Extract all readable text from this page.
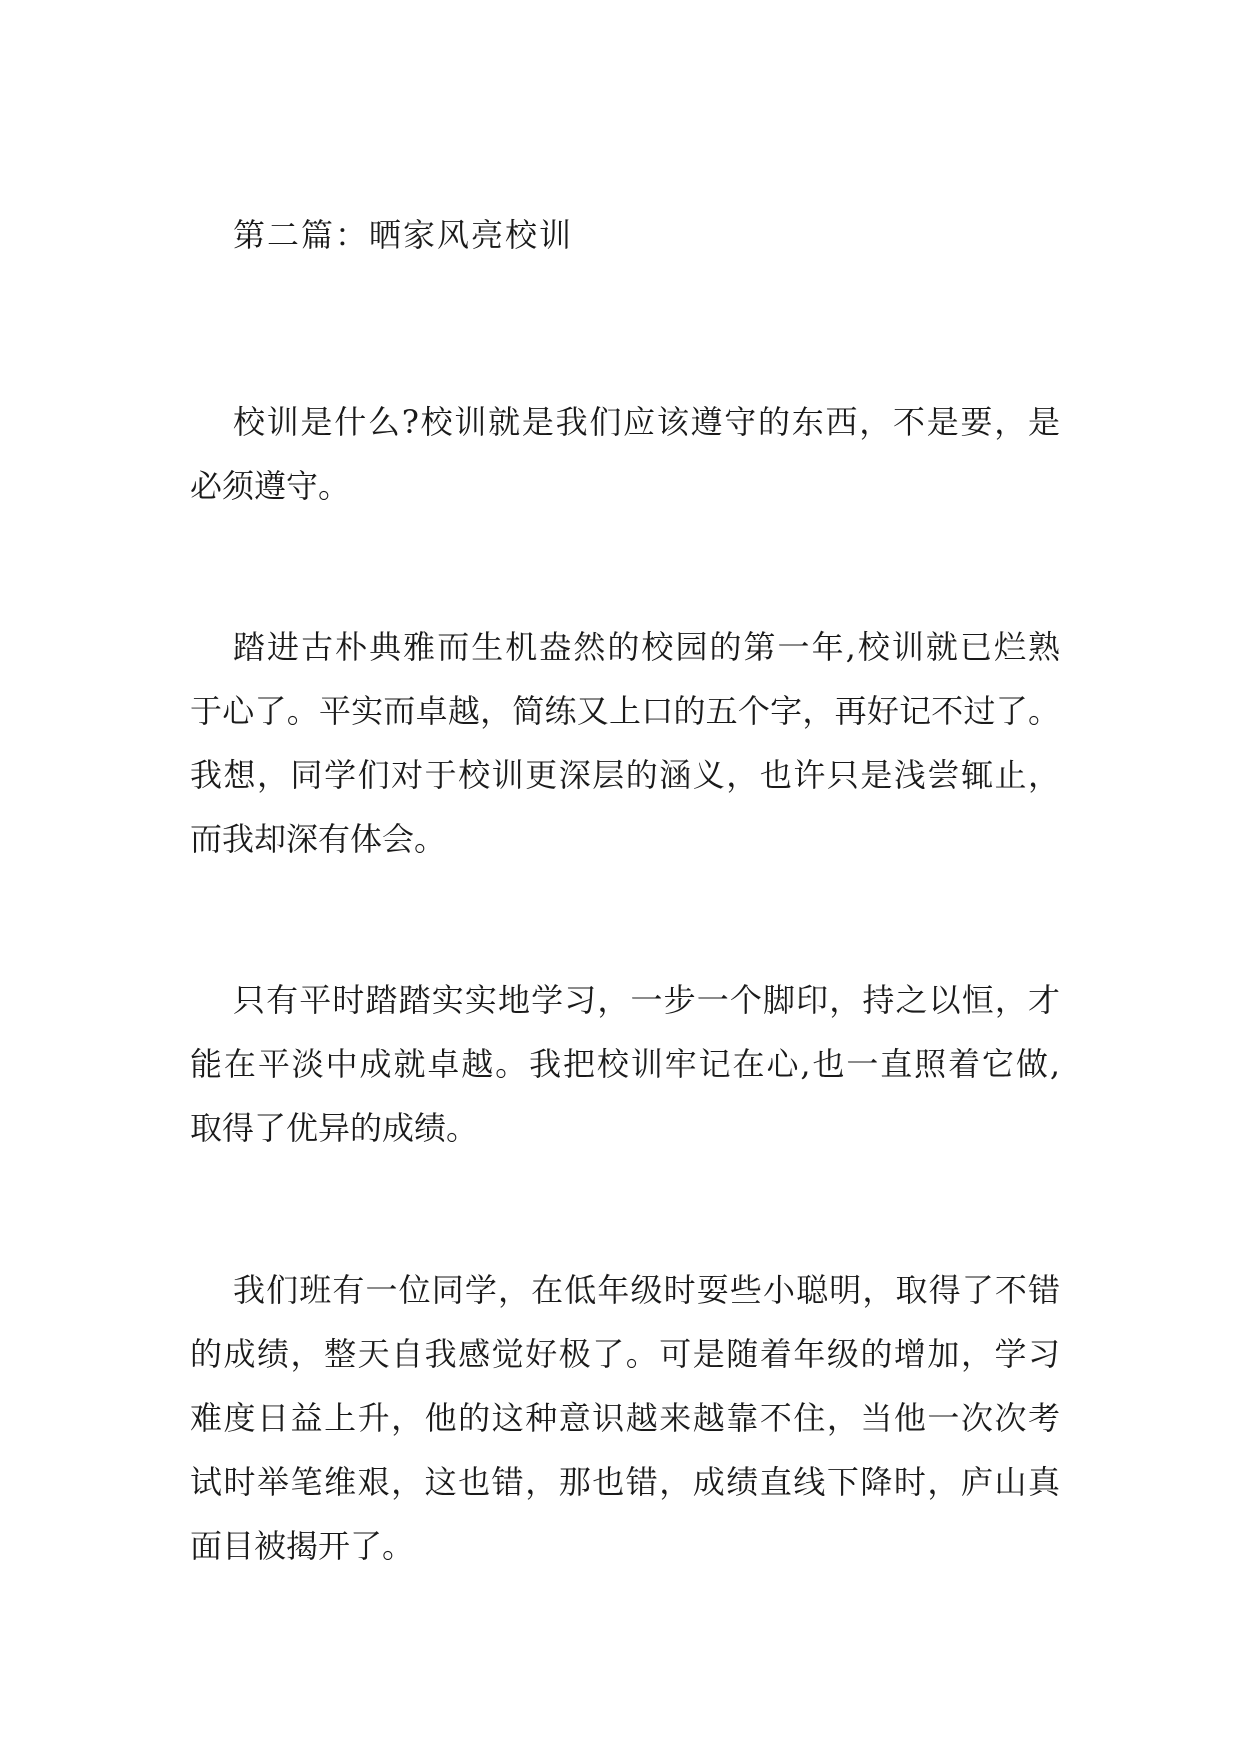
第二篇：晒家风亮校训

校训是什么?校训就是我们应该遵守的东西，不是要，是
必须遵守。

踏进古朴典雅而生机盎然的校园的第一年,校训就已烂熟
于心了。平实而卓越，简练又上口的五个字，再好记不过了。
我想，同学们对于校训更深层的涵义，也许只是浅尝辄止，
而我却深有体会。

只有平时踏踏实实地学习，一步一个脚印，持之以恒，才
能在平淡中成就卓越。我把校训牢记在心,也一直照着它做,
取得了优异的成绩。

我们班有一位同学，在低年级时耍些小聪明，取得了不错
的成绩，整天自我感觉好极了。可是随着年级的增加，学习
难度日益上升，他的这种意识越来越靠不住，当他一次次考
试时举笔维艰，这也错，那也错，成绩直线下降时，庐山真
面目被揭开了。
